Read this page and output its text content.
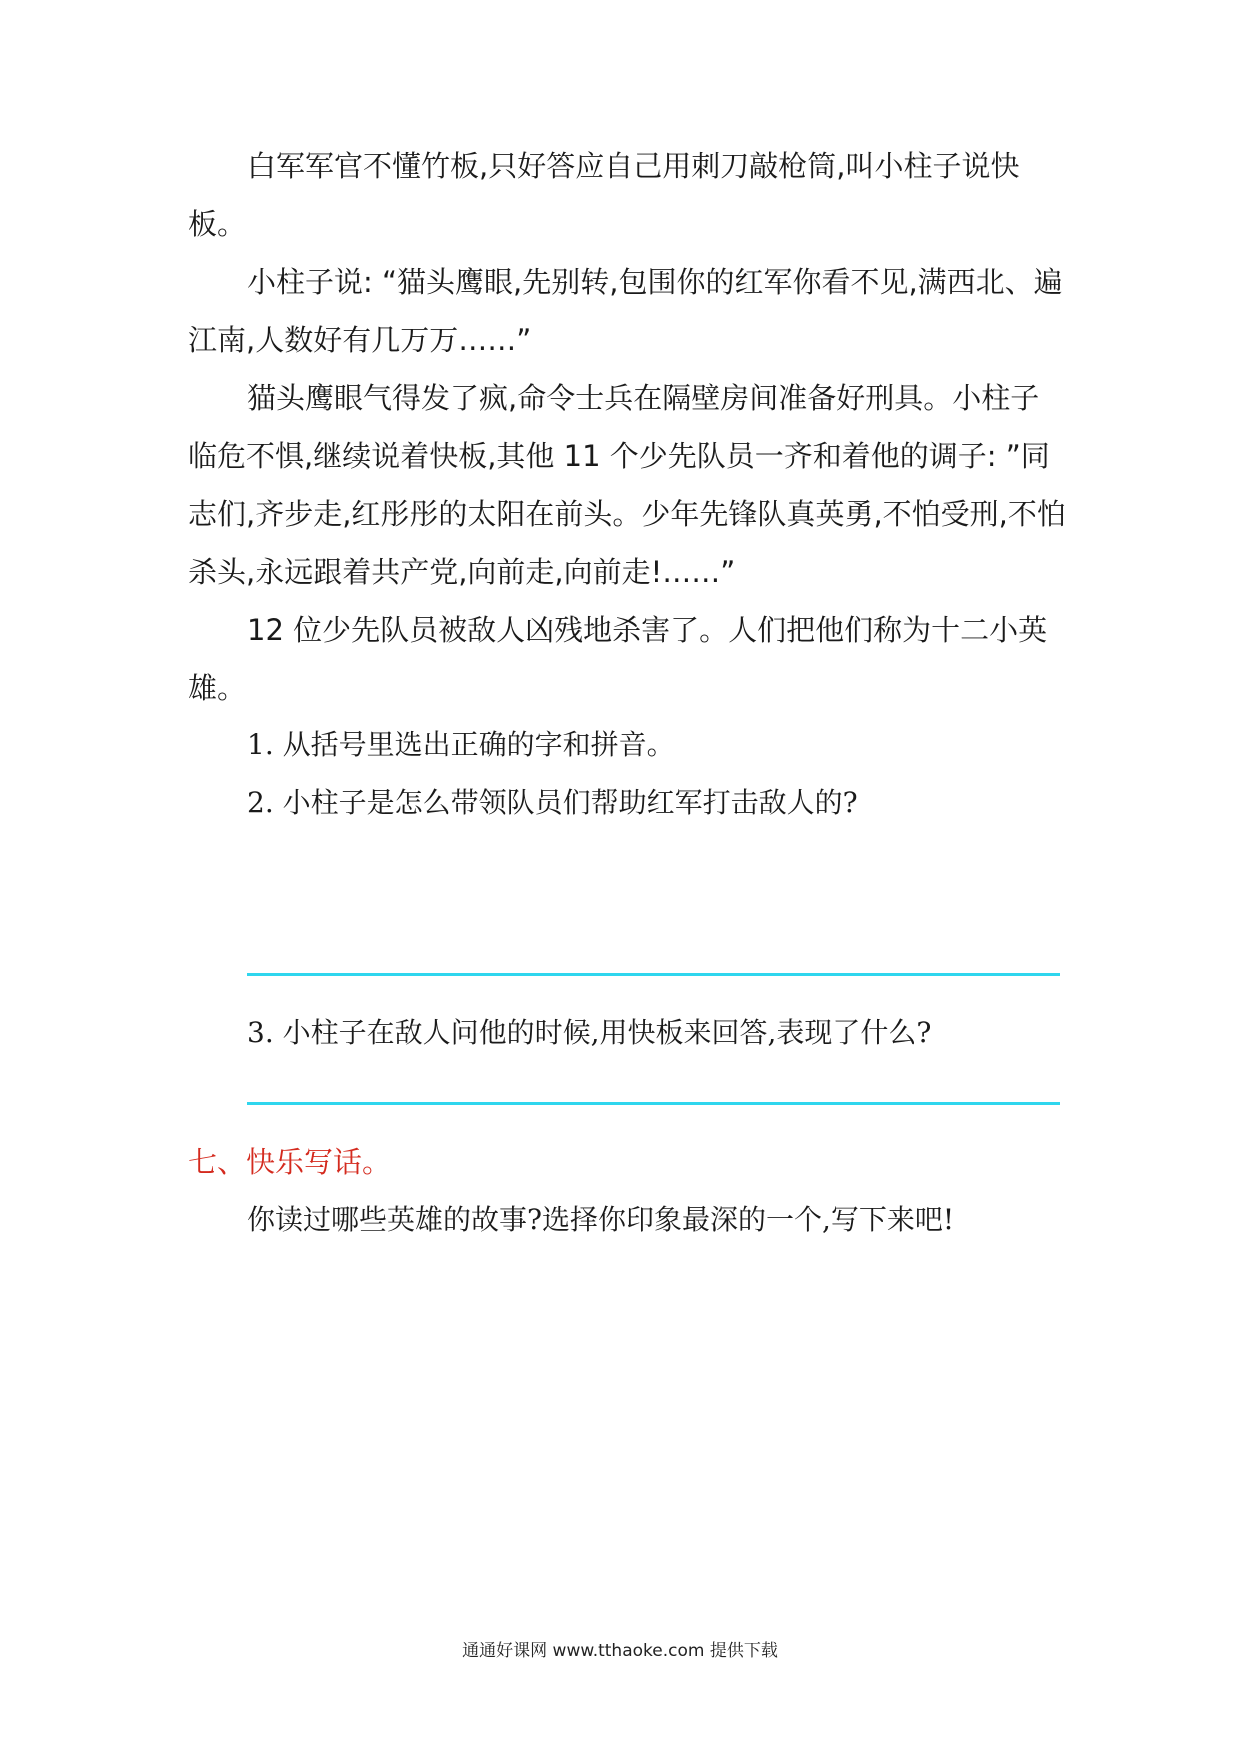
白军军官不懂竹板,只好答应自己用刺刀敲枪筒,叫小柱子说快
板。
小柱子说: “猫头鹰眼,先别转,包围你的红军你看不见,满西北、遍
江南,人数好有几万万……”
猫头鹰眼气得发了疯,命令士兵在隔壁房间准备好刑具。小柱子
临危不惧,继续说着快板,其他 11 个少先队员一齐和着他的调子: ”同
志们,齐步走,红彤彤的太阳在前头。少年先锋队真英勇,不怕受刑,不怕
杀头,永远跟着共产党,向前走,向前走!……”
12 位少先队员被敌人凶残地杀害了。人们把他们称为十二小英
雄。
1. 从括号里选出正确的字和拼音。
2. 小柱子是怎么带领队员们帮助红军打击敌人的?
3. 小柱子在敌人问他的时候,用快板来回答,表现了什么?
七、快乐写话。
你读过哪些英雄的故事?选择你印象最深的一个,写下来吧!
通通好课网 www.tthaoke.com 提供下载
